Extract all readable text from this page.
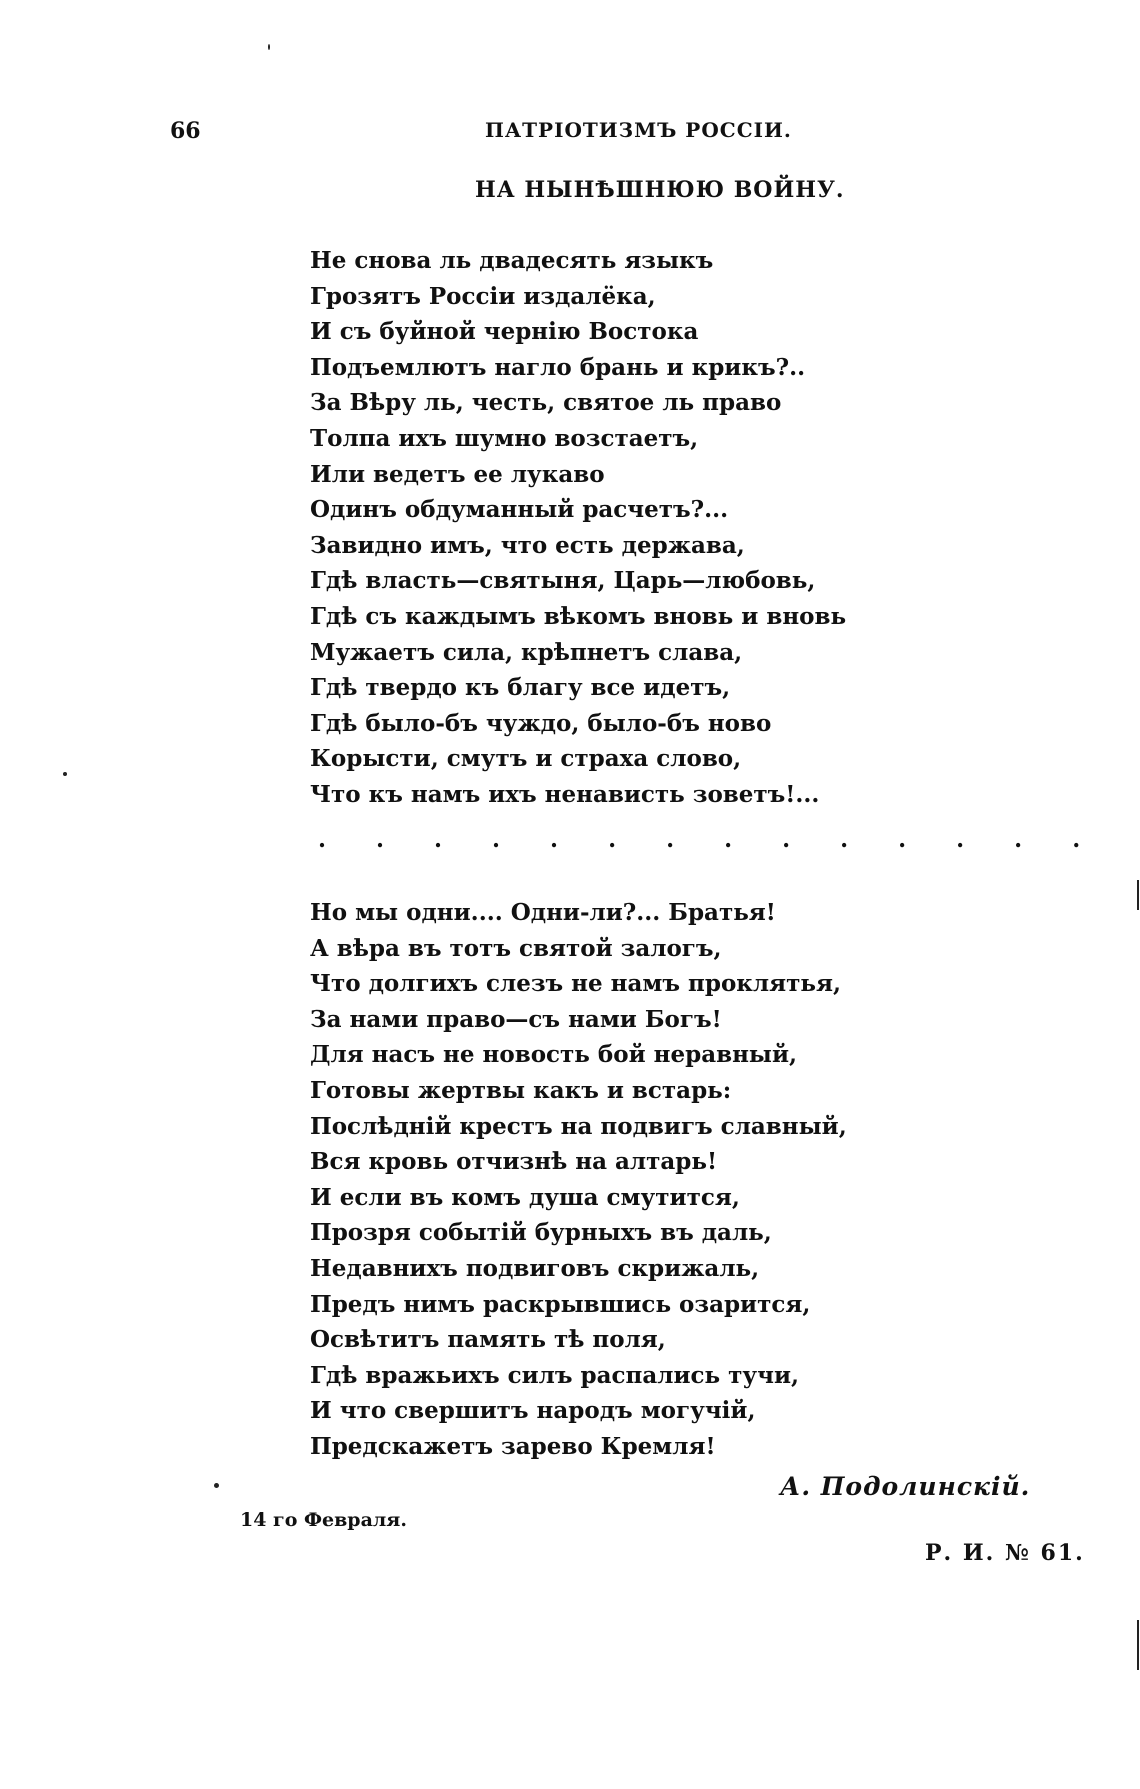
66	ПАТРІОТИЗМЪ РОССІИ.
НА НЫНѢШНЮЮ ВОЙНУ.
Не снова ль двадесять языкъ
Грозятъ Россіи издалёка,
И съ буйной чернію Востока
Подъемлютъ нагло брань и крикъ?..
За Вѣру ль, честь, святое ль право
Толпа ихъ шумно возстаетъ,
Или ведетъ ее лукаво
Одинъ обдуманный расчетъ?...
Завидно имъ, что есть держава,
Гдѣ власть—святыня, Царь—любовь,
Гдѣ съ каждымъ вѣкомъ вновь и вновь
Мужаетъ сила, крѣпнетъ слава,
Гдѣ твердо къ благу все идетъ,
Гдѣ было-бъ чуждо, было-бъ ново
Корысти, смутъ и страха слово,
Что къ намъ ихъ ненависть зоветъ!...
. . . . . . . . . . . . . .
Но мы одни.... Одни-ли?... Братья!
А вѣра въ тотъ святой залогъ,
Что долгихъ слезъ не намъ проклятья,
За нами право—съ нами Богъ!
Для насъ не новость бой неравный,
Готовы жертвы какъ и встарь:
Послѣдній крестъ на подвигъ славный,
Вся кровь отчизнѣ на алтарь!
И если въ комъ душа смутится,
Прозря событій бурныхъ въ даль,
Недавнихъ подвиговъ скрижаль,
Предъ нимъ раскрывшись озарится,
Освѣтитъ память тѣ поля,
Гдѣ вражьихъ силъ распались тучи,
И что свершитъ народъ могучій,
Предскажетъ зарево Кремля!
А. Подолинскій.
14 го Февраля.
Р. И. № 61.
